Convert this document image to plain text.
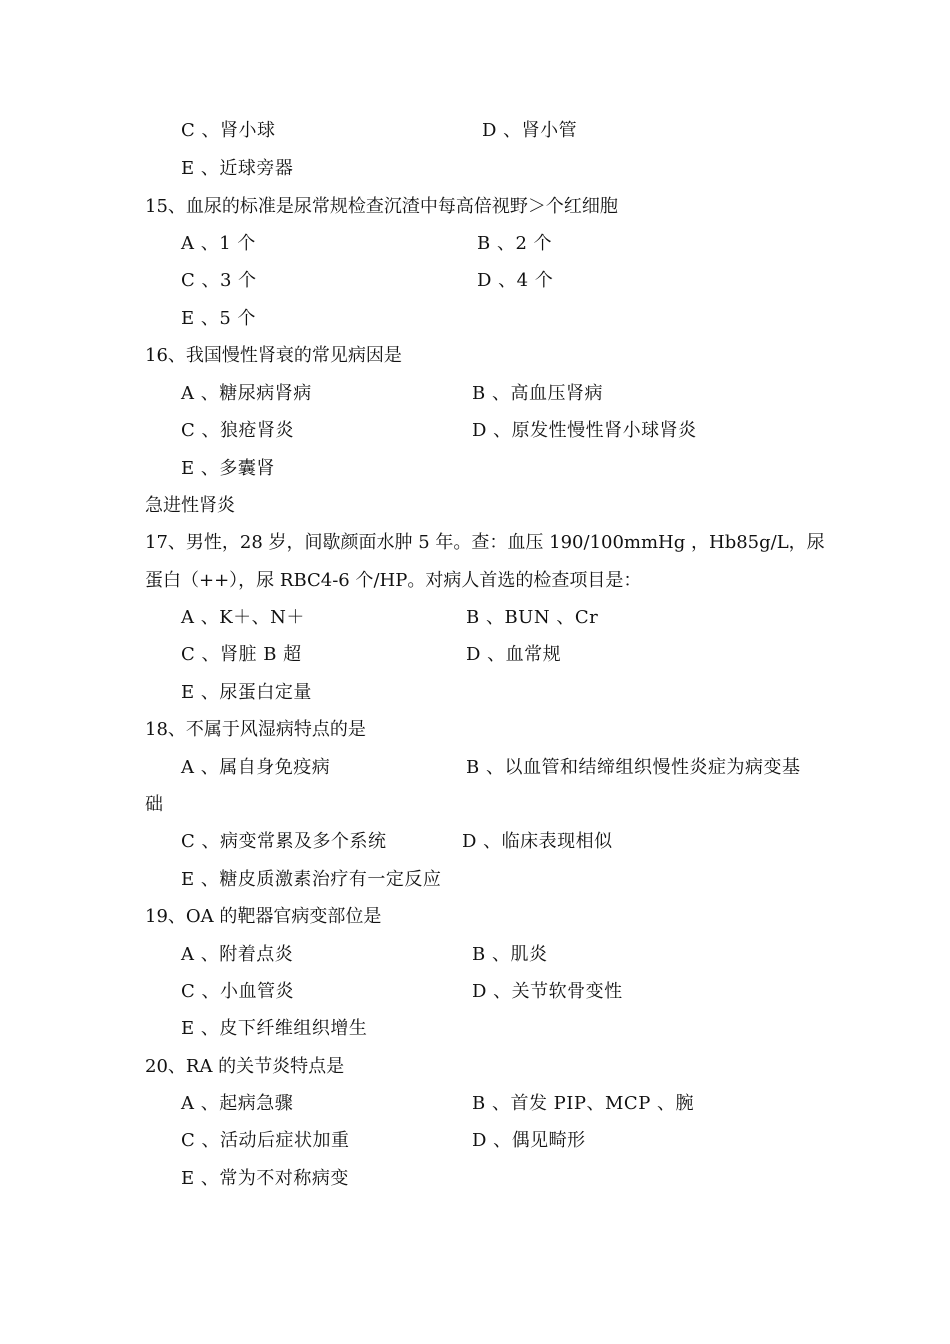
C 、肾小球	D 、肾小管
E 、近球旁器
15、血尿的标准是尿常规检查沉渣中每高倍视野＞个红细胞
A 、1 个	B 、2 个
C 、3 个	D 、4 个
E 、5 个
16、我国慢性肾衰的常见病因是
A 、糖尿病肾病	B 、高血压肾病
C 、狼疮肾炎	D 、原发性慢性肾小球肾炎
E 、多囊肾
急进性肾炎
17、男性，28 岁，间歇颜面水肿 5 年。查：血压 190/100mmHg ，Hb85g/L，尿
蛋白（++），尿 RBC4-6 个/HP。对病人首选的检查项目是：
A 、K＋、N＋	B 、BUN 、Cr
C 、肾脏 B 超	D 、血常规
E 、尿蛋白定量
18、不属于风湿病特点的是
A 、属自身免疫病	B 、以血管和结缔组织慢性炎症为病变基
础
C 、病变常累及多个系统	D 、临床表现相似
E 、糖皮质激素治疗有一定反应
19、OA 的靶器官病变部位是
A 、附着点炎	B 、肌炎
C 、小血管炎	D 、关节软骨变性
E 、皮下纤维组织增生
20、RA 的关节炎特点是
A 、起病急骤	B 、首发 PIP、MCP 、腕
C 、活动后症状加重	D 、偶见畸形
E 、常为不对称病变
